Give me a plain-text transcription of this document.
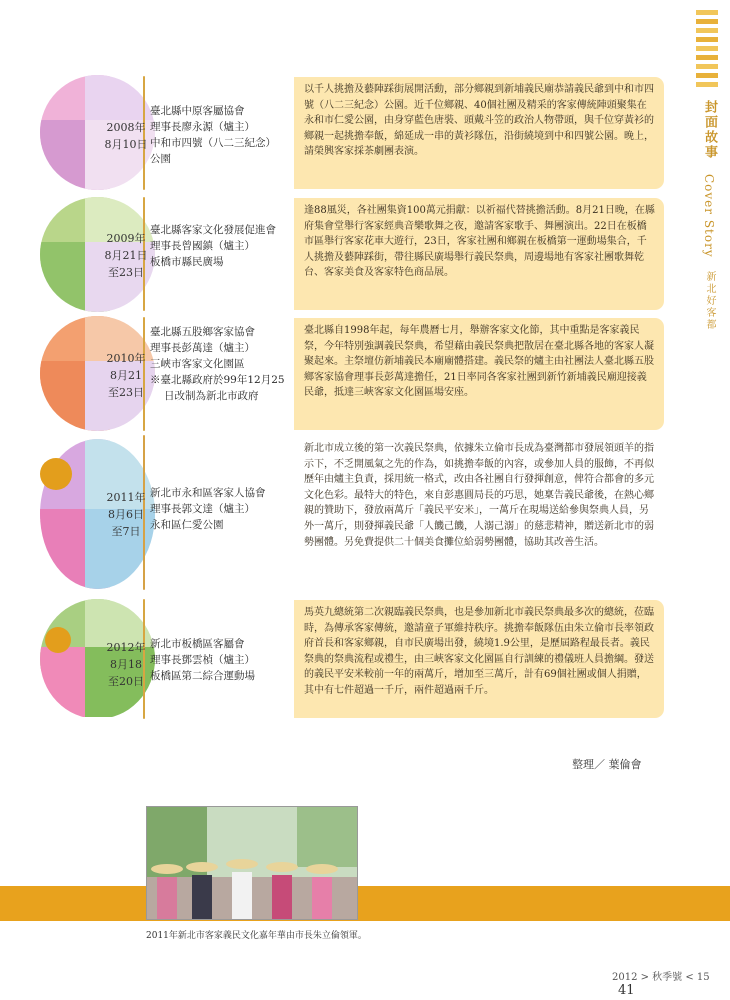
封面故事 Cover Story 新北好客都
臺北縣中原客屬協會
理事長廖永源（爐主）
中和市四號（八二三紀念）
公園
以千人挑擔及藝陣踩街展開活動，部分鄉親到新埔義民廟恭請義民爺到中和市四號（八二三紀念）公園。近千位鄉親、40個社團及精采的客家傳統陣頭聚集在永和市仁愛公園，由身穿藍色唐裝、頭戴斗笠的政治人物帶頭，與千位穿黃衫的鄉親一起挑擔奉飯，綿延成一串的黃衫隊伍，沿街繞境到中和四號公園。晚上，請榮興客家採茶劇團表演。
2008年
8月10日
臺北縣客家文化發展促進會
理事長曾國鎮（爐主）
板橋市縣民廣場
逢88風災，各社團集資100萬元捐獻：以祈福代替挑擔活動。8月21日晚，在縣府集會堂舉行客家經典音樂歌舞之夜，邀請客家歌手、舞團演出。22日在板橋市區舉行客家花車大遊行，23日，客家社團和鄉親在板橋第一運動場集合，千人挑擔及藝陣踩街，帶往縣民廣場舉行義民祭典，周邊場地有客家社團歌舞乾台、客家美食及客家特色商品展。
2009年
8月21日
至23日
臺北縣五股鄉客家協會
理事長彭萬達（爐主）
三峽市客家文化園區
※臺北縣政府於99年12月25
日改制為新北市政府
臺北縣自1998年起，每年農曆七月，舉辦客家文化節，其中重點是客家義民祭，今年特別強調義民祭典，希望藉由義民祭典把散居在臺北縣各地的客家人凝聚起來。主祭壇仿新埔義民本廟廟體搭建。義民祭的爐主由社團法人臺北縣五股鄉客家協會理事長彭萬達擔任，21日率同各客家社團到新竹新埔義民廟迎接義民爺，抵達三峽客家文化園區場安座。
2010年
8月21
至23日
新北市永和區客家人協會
理事長郭文達（爐主）
永和區仁愛公園
新北市成立後的第一次義民祭典，依據朱立倫市長成為臺灣都市發展領頭羊的指示下，不乏開風氣之先的作為，如挑擔奉飯的內容，或參加人員的服飾，不再似歷年由爐主負責，採用統一格式，改由各社團自行發揮創意，俾符合都會的多元文化色彩。最特大的特色，來自彭惠圓局長的巧思，她稟告義民爺後，在熱心鄉親的贊助下，發放兩萬斤「義民平安米」，一萬斤在現場送給參與祭典人員，另外一萬斤，則發揮義民爺「人饑己饑，人溺己溺」的慈悲精神，贈送新北市的弱勢團體。另免費提供二十個美食攤位給弱勢團體，協助其改善生活。
2011年
8月6日
至7日
新北市板橋區客屬會
理事長鄧雲楨（爐主）
板橋區第二綜合運動場
馬英九總統第二次親臨義民祭典，也是參加新北市義民祭典最多次的總統，莅臨時，為傳承客家傳統，邀請童子軍維持秩序。挑擔奉飯隊伍由朱立倫市長率領政府首長和客家鄉親，自市民廣場出發，繞境1.9公里，是歷屆路程最長者。義民祭典的祭典流程或禮生，由三峽客家文化園區自行訓練的禮儀班人員擔綱。發送的義民平安米較前一年的兩萬斤，增加至三萬斤，計有69個社團或個人捐贈，其中有七件超過一千斤，兩件超過兩千斤。
2012年
8月18
至20日
整理／ 葉倫會
2011年新北市客家義民文化嘉年華由市長朱立倫領軍。
2012 > 秋季號 < 15 41
